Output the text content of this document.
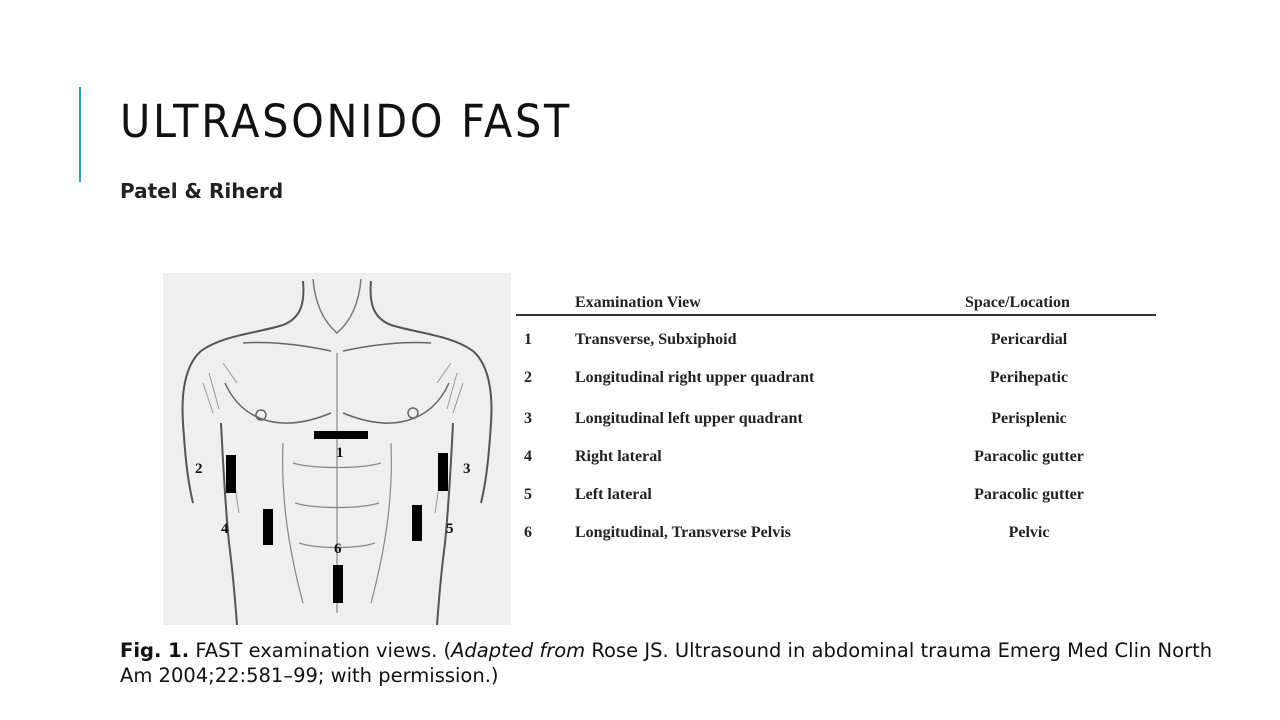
ULTRASONIDO FAST
Patel & Riherd
1
2	3
4	5
6
Examination View	Space/Location
1	Transverse, Subxiphoid	Pericardial
2	Longitudinal right upper quadrant	Perihepatic
3	Longitudinal left upper quadrant	Perisplenic
4	Right lateral	Paracolic gutter
5	Left lateral	Paracolic gutter
6	Longitudinal, Transverse Pelvis	Pelvic
Fig. 1. FAST examination views. (Adapted from Rose JS. Ultrasound in abdominal trauma Emerg Med Clin North Am 2004;22:581–99; with permission.)
